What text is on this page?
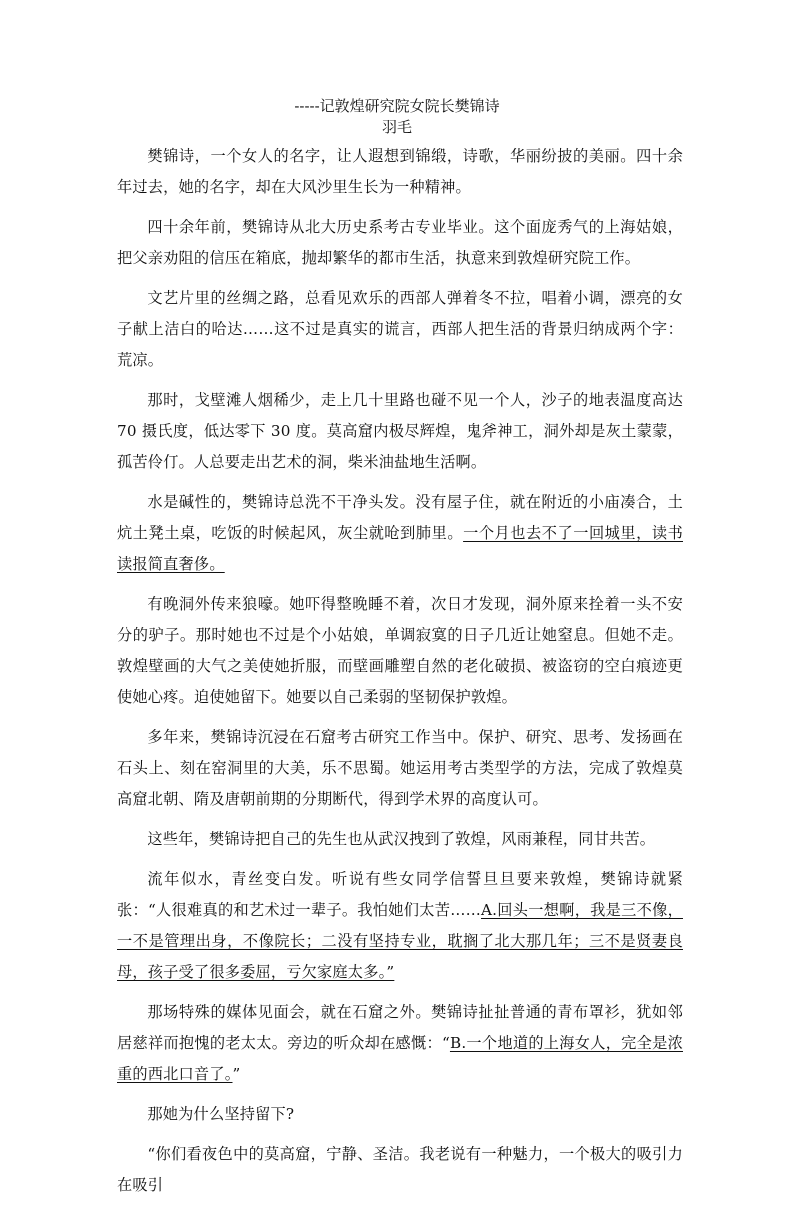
-----记敦煌研究院女院长樊锦诗
羽毛

樊锦诗，一个女人的名字，让人遐想到锦缎，诗歌，华丽纷披的美丽。四十余年过去，她的名字，却在大风沙里生长为一种精神。

四十余年前，樊锦诗从北大历史系考古专业毕业。这个面庞秀气的上海姑娘，把父亲劝阻的信压在箱底，抛却繁华的都市生活，执意来到敦煌研究院工作。

文艺片里的丝绸之路，总看见欢乐的西部人弹着冬不拉，唱着小调，漂亮的女子献上洁白的哈达……这不过是真实的谎言，西部人把生活的背景归纳成两个字：荒凉。

那时，戈壁滩人烟稀少，走上几十里路也碰不见一个人，沙子的地表温度高达 70 摄氏度，低达零下 30 度。莫高窟内极尽辉煌，鬼斧神工，洞外却是灰土蒙蒙，孤苦伶仃。人总要走出艺术的洞，柴米油盐地生活啊。

水是碱性的，樊锦诗总洗不干净头发。没有屋子住，就在附近的小庙凑合，土炕土凳土桌，吃饭的时候起风，灰尘就呛到肺里。一个月也去不了一回城里，读书读报简直奢侈。

有晚洞外传来狼嚎。她吓得整晚睡不着，次日才发现，洞外原来拴着一头不安分的驴子。那时她也不过是个小姑娘，单调寂寞的日子几近让她窒息。但她不走。敦煌壁画的大气之美使她折服，而壁画雕塑自然的老化破损、被盗窃的空白痕迹更使她心疼。迫使她留下。她要以自己柔弱的坚韧保护敦煌。

多年来，樊锦诗沉浸在石窟考古研究工作当中。保护、研究、思考、发扬画在石头上、刻在窑洞里的大美，乐不思蜀。她运用考古类型学的方法，完成了敦煌莫高窟北朝、隋及唐朝前期的分期断代，得到学术界的高度认可。

这些年，樊锦诗把自己的先生也从武汉拽到了敦煌，风雨兼程，同甘共苦。

流年似水，青丝变白发。听说有些女同学信誓旦旦要来敦煌，樊锦诗就紧张：“人很难真的和艺术过一辈子。我怕她们太苦……A.回头一想啊，我是三不像，一不是管理出身，不像院长；二没有坚持专业，耽搁了北大那几年；三不是贤妻良母，孩子受了很多委屈，亏欠家庭太多。”

那场特殊的媒体见面会，就在石窟之外。樊锦诗扯扯普通的青布罩衫，犹如邻居慈祥而抱愧的老太太。旁边的听众却在感慨：“B.一个地道的上海女人，完全是浓重的西北口音了。”

那她为什么坚持留下?

“你们看夜色中的莫高窟，宁静、圣洁。我老说有一种魅力，一个极大的吸引力在吸引
